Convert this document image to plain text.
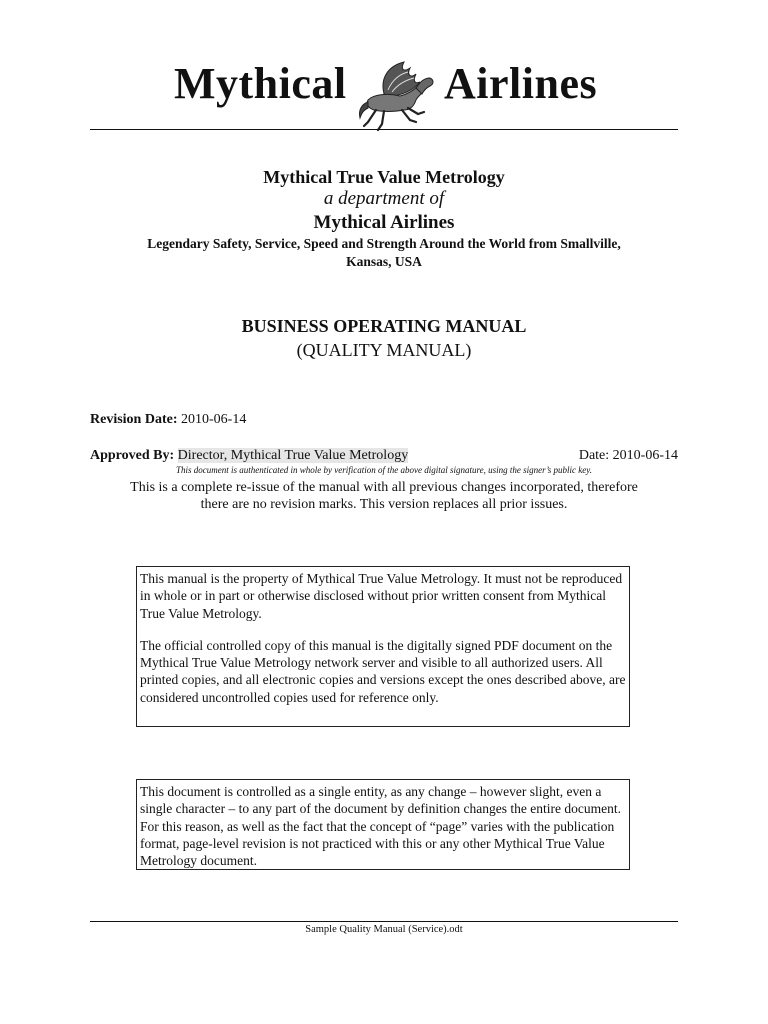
Mythical Airlines
Mythical True Value Metrology
a department of
Mythical Airlines
Legendary Safety, Service, Speed and Strength Around the World from Smallville, Kansas, USA
BUSINESS OPERATING MANUAL
(QUALITY MANUAL)
Revision Date: 2010-06-14
Approved By: Director, Mythical True Value Metrology	Date: 2010-06-14
This document is authenticated in whole by verification of the above digital signature, using the signer’s public key.
This is a complete re-issue of the manual with all previous changes incorporated, therefore there are no revision marks. This version replaces all prior issues.

This manual is the property of Mythical True Value Metrology. It must not be reproduced in whole or in part or otherwise disclosed without prior written consent from Mythical True Value Metrology.

The official controlled copy of this manual is the digitally signed PDF document on the Mythical True Value Metrology network server and visible to all authorized users. All printed copies, and all electronic copies and versions except the ones described above, are considered uncontrolled copies used for reference only.

This document is controlled as a single entity, as any change – however slight, even a single character – to any part of the document by definition changes the entire document. For this reason, as well as the fact that the concept of “page” varies with the publication format, page-level revision is not practiced with this or any other Mythical True Value Metrology document.

Sample Quality Manual (Service).odt
